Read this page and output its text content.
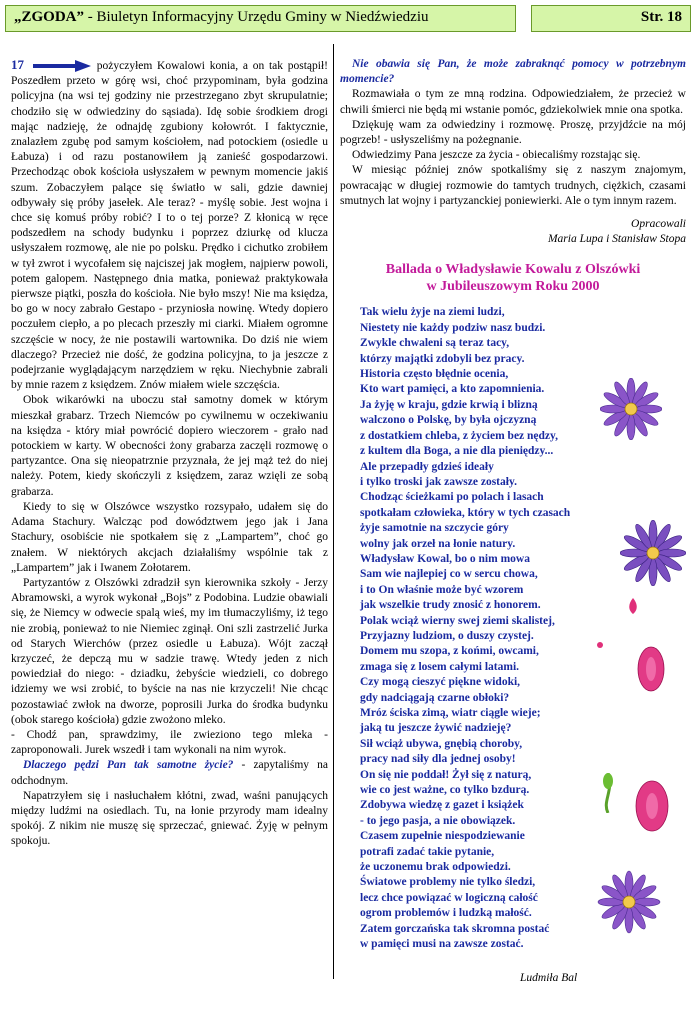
„ZGODA” - Biuletyn Informacyjny Urzędu Gminy w Niedźwiedziu	Str. 18

17	pożyczyłem Kowalowi konia, a on tak postąpił! Poszedłem przeto w górę wsi, choć przypominam, była godzina policyjna (na wsi tej godziny nie przestrzegano zbyt skrupulatnie; chodziło się w odwiedziny do sąsiada). Idę sobie środkiem drogi mając nadzieję, że odnajdę zgubiony kołowrót. I faktycznie, znalazłem zgubę pod samym kościołem, nad potockiem (osiedle u Łabuza) i od razu postanowiłem ją zanieść gospodarzowi. Przechodząc obok kościoła usłyszałem w pewnym momencie jakiś szum. Zobaczyłem palące się światło w sali, gdzie dawniej odbywały się próby jasełek. Ale teraz? - myślę sobie. Jest wojna i chce się komuś próby robić? I to o tej porze? Z kłonicą w ręce podszedłem na schody budynku i poprzez dziurkę od klucza usłyszałem rozmowę, ale nie po polsku. Prędko i cichutko zrobiłem w tył zwrot i wycofałem się najciszej jak mogłem, najpierw powoli, potem galopem. Następnego dnia matka, ponieważ praktykowała pierwsze piątki, poszła do kościoła. Nie było mszy! Nie ma księdza, bo go w nocy zabrało Gestapo - przyniosła nowinę. Wtedy dopiero poczułem ciepło, a po plecach przeszły mi ciarki. Miałem ogromne szczęście w nocy, że nie postawili wartownika. Do dziś nie wiem dlaczego? Przecież nie dość, że godzina policyjna, to ja jeszcze z podejrzanie wyglądającym narzędziem w ręku. Niechybnie zabrali by mnie razem z księdzem. Znów miałem wiele szczęścia.

Obok wikarówki na uboczu stał samotny domek w którym mieszkał grabarz. Trzech Niemców po cywilnemu w oczekiwaniu na księdza - który miał powrócić dopiero wieczorem - grało nad potockiem w karty. W obecności żony grabarza zaczęli rozmowę o partyzantce. Ona się nieopatrznie przyznała, że jej mąż też do niej należy. Potem, kiedy skończyli z księdzem, zaraz wzięli ze sobą grabarza.

Kiedy to się w Olszówce wszystko rozsypało, udałem się do Adama Stachury. Walcząc pod dowództwem jego jak i Jana Stachury, osobiście nie spotkałem się z „Lampartem”, choć go znałem. W niektórych akcjach działaliśmy wspólnie tak z „Lampartem” jak i Iwanem Zołotarem.

Partyzantów z Olszówki zdradził syn kierownika szkoły - Jerzy Abramowski, a wyrok wykonał „Bojs” z Podobina. Ludzie obawiali się, że Niemcy w odwecie spalą wieś, my im tłumaczyliśmy, iż tego nie zrobią, ponieważ to nie Niemiec zginął. Oni szli zastrzelić Jurka od Starych Wierchów (przez osiedle u Łabuza). Wójt zaczął krzyczeć, że depczą mu w sadzie trawę. Wtedy jeden z nich powiedział do niego: - dziadku, żebyście wiedzieli, co dobrego idziemy we wsi zrobić, to byście na nas nie krzyczeli! Nie chcąc pozostawiać zwłok na dworze, poprosili Jurka do środka budynku (obok starego kościoła) gdzie zwożono mleko.

- Chodź pan, sprawdzimy, ile zwieziono tego mleka - zaproponowali. Jurek wszedł i tam wykonali na nim wyrok.

Dlaczego pędzi Pan tak samotne życie? - zapytaliśmy na odchodnym.

Napatrzyłem się i nasłuchałem kłótni, zwad, waśni panujących między ludźmi na osiedlach. Tu, na łonie przyrody mam idealny spokój. Z nikim nie muszę się sprzeczać, gniewać. Żyję w pełnym spokoju.

Nie obawia się Pan, że może zabraknąć pomocy w potrzebnym momencie?

Rozmawiała o tym ze mną rodzina. Odpowiedziałem, że przecież w chwili śmierci nie będą mi wstanie pomóc, gdziekolwiek mnie ona spotka.

Dziękuję wam za odwiedziny i rozmowę. Proszę, przyjdźcie na mój pogrzeb! - usłyszeliśmy na pożegnanie.

Odwiedzimy Pana jeszcze za życia - obiecaliśmy rozstając się.

W miesiąc później znów spotkaliśmy się z naszym znajomym, powracając w długiej rozmowie do tamtych trudnych, ciężkich, czasami smutnych lat wojny i partyzanckiej poniewierki. Ale o tym innym razem.

Opracowali
Maria Lupa i Stanisław Stopa
Ballada o Władysławie Kowalu z Olszówki
w Jubileuszowym Roku 2000
Tak wielu żyje na ziemi ludzi,
Niestety nie każdy podziw nasz budzi.
Zwykle chwaleni są teraz tacy,
którzy majątki zdobyli bez pracy.
Historia często błędnie ocenia,
Kto wart pamięci, a kto zapomnienia.
Ja żyję w kraju, gdzie krwią i blizną
walczono o Polskę, by była ojczyzną
z dostatkiem chleba, z życiem bez nędzy,
z kultem dla Boga, a nie dla pieniędzy...
Ale przepadły gdzieś ideały
i tylko troski jak zawsze zostały.
Chodząc ścieżkami po polach i lasach
spotkałam człowieka, który w tych czasach
żyje samotnie na szczycie góry
wolny jak orzeł na łonie natury.
Władysław Kowal, bo o nim mowa
Sam wie najlepiej co w sercu chowa,
i to On właśnie może być wzorem
jak wszelkie trudy znosić z honorem.
Polak wciąż wierny swej ziemi skalistej,
Przyjazny ludziom, o duszy czystej.
Domem mu szopa, z końmi, owcami,
zmaga się z losem całymi latami.
Czy mogą cieszyć piękne widoki,
gdy nadciągają czarne obłoki?
Mróz ściska zimą, wiatr ciągle wieje;
jaką tu jeszcze żywić nadzieję?
Sił wciąż ubywa, gnębią choroby,
pracy nad siły dla jednej osoby!
On się nie poddał! Żył się z naturą,
wie co jest ważne, co tylko bzdurą.
Zdobywa wiedzę z gazet i książek
- to jego pasja, a nie obowiązek.
Czasem zupełnie niespodziewanie
potrafi zadać takie pytanie,
że uczonemu brak odpowiedzi.
Światowe problemy nie tylko śledzi,
lecz chce powiązać w logiczną całość
ogrom problemów i ludzką małość.
Zatem gorczańska tak skromna postać
w pamięci musi na zawsze zostać.
Ludmiła Bal
